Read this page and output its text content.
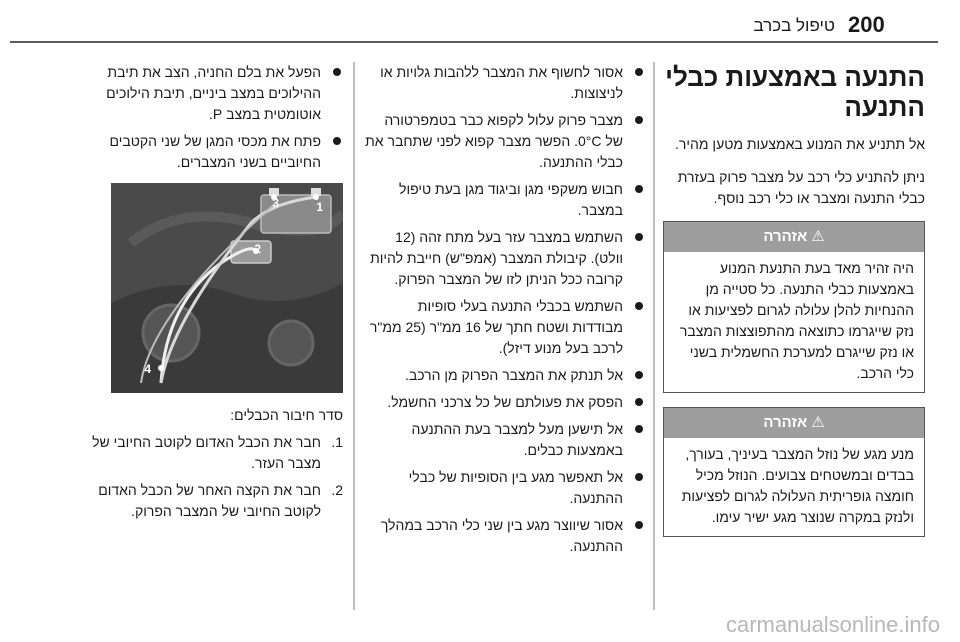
200
טיפול בכרב
התנעה באמצעות כבלי התנעה

אל תתניע את המנוע באמצעות מטען מהיר.

ניתן להתניע כלי רכב על מצבר פרוק בעזרת כבלי התנעה ומצבר או כלי רכב נוסף.

⚠אזהרה
היה זהיר מאד בעת התנעת המנוע באמצעות כבלי התנעה. כל סטייה מן ההנחיות להלן עלולה לגרום לפציעות או נזק שייגרמו כתוצאה מהתפוצצות המצבר או נזק שייגרם למערכת החשמלית בשני כלי הרכב.
⚠אזהרה
מנע מגע של נוזל המצבר בעיניך, בעורך, בבדים ובמשטחים צבועים. הנוזל מכיל חומצה גופריתית העלולה לגרום לפציעות ולנזק במקרה שנוצר מגע ישיר עימו.
אסור לחשוף את המצבר ללהבות גלויות או לניצוצות.
מצבר פרוק עלול לקפוא כבר בטמפרטורה של 0°C. הפשר מצבר קפוא לפני שתחבר את כבלי ההתנעה.
חבוש משקפי מגן וביגוד מגן בעת טיפול במצבר.
השתמש במצבר עזר בעל מתח זהה (12 וולט). קיבולת המצבר (אמפ"ש) חייבת להיות קרובה ככל הניתן לזו של המצבר הפרוק.
השתמש בכבלי התנעה בעלי סופיות מבודדות ושטח חתך של 16 ממ"ר (25 ממ"ר לרכב בעל מנוע דיזל).
אל תנתק את המצבר הפרוק מן הרכב.
הפסק את פעולתם של כל צרכני החשמל.
אל תישען מעל למצבר בעת ההתנעה באמצעות כבלים.
אל תאפשר מגע בין הסופיות של כבלי ההתנעה.
אסור שיווצר מגע בין שני כלי הרכב במהלך ההתנעה.
הפעל את בלם החניה, הצב את תיבת ההילוכים במצב ביניים, תיבת הילוכים אוטומטית במצב P.
פתח את מכסי המגן של שני הקטבים החיוביים בשני המצברים.
1
2
3
4

סדר חיבור הכבלים:

1.
חבר את הכבל האדום לקוטב החיובי של מצבר העזר.
2.
חבר את הקצה האחר של הכבל האדום לקוטב החיובי של המצבר הפרוק.
carmanualsonline.info
